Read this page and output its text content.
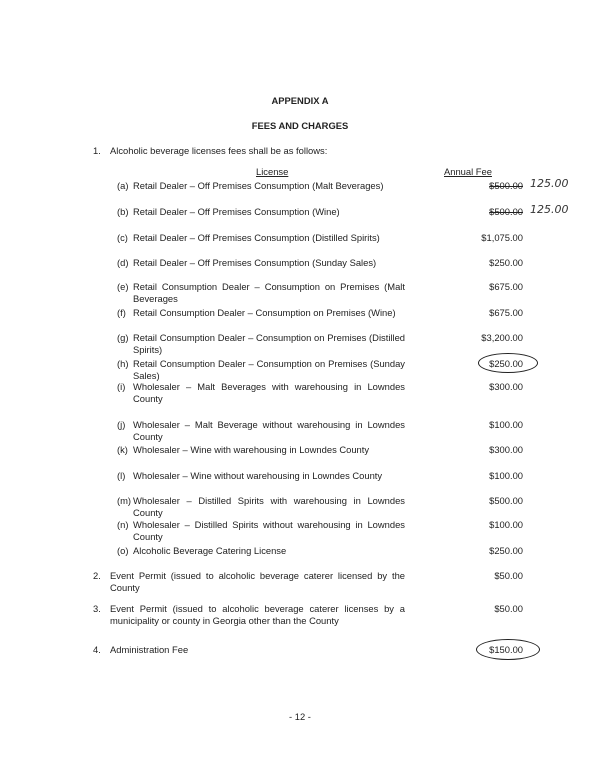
APPENDIX A
FEES AND CHARGES
1. Alcoholic beverage licenses fees shall be as follows:
License	Annual Fee
(a) Retail Dealer – Off Premises Consumption (Malt Beverages)	$500.00 125.00
(b) Retail Dealer – Off Premises Consumption (Wine)	$500.00 125.00
(c) Retail Dealer – Off Premises Consumption (Distilled Spirits)	$1,075.00
(d) Retail Dealer – Off Premises Consumption (Sunday Sales)	$250.00
(e) Retail Consumption Dealer – Consumption on Premises (Malt Beverages
$675.00
(f) Retail Consumption Dealer – Consumption on Premises (Wine)	$675.00
(g) Retail Consumption Dealer – Consumption on Premises (Distilled Spirits)
$3,200.00
(h) Retail Consumption Dealer – Consumption on Premises (Sunday Sales)
$250.00
(i) Wholesaler – Malt Beverages with warehousing in Lowndes County
$300.00
(j) Wholesaler – Malt Beverage without warehousing in Lowndes County
$100.00
(k) Wholesaler – Wine with warehousing in Lowndes County	$300.00
(l) Wholesaler – Wine without warehousing in Lowndes County	$100.00
(m) Wholesaler – Distilled Spirits with warehousing in Lowndes County
$500.00
(n) Wholesaler – Distilled Spirits without warehousing in Lowndes County
$100.00
(o) Alcoholic Beverage Catering License	$250.00
2. Event Permit (issued to alcoholic beverage caterer licensed by the County
$50.00
3. Event Permit (issued to alcoholic beverage caterer licenses by a municipality or county in Georgia other than the County
$50.00
4. Administration Fee	$150.00
- 12 -
